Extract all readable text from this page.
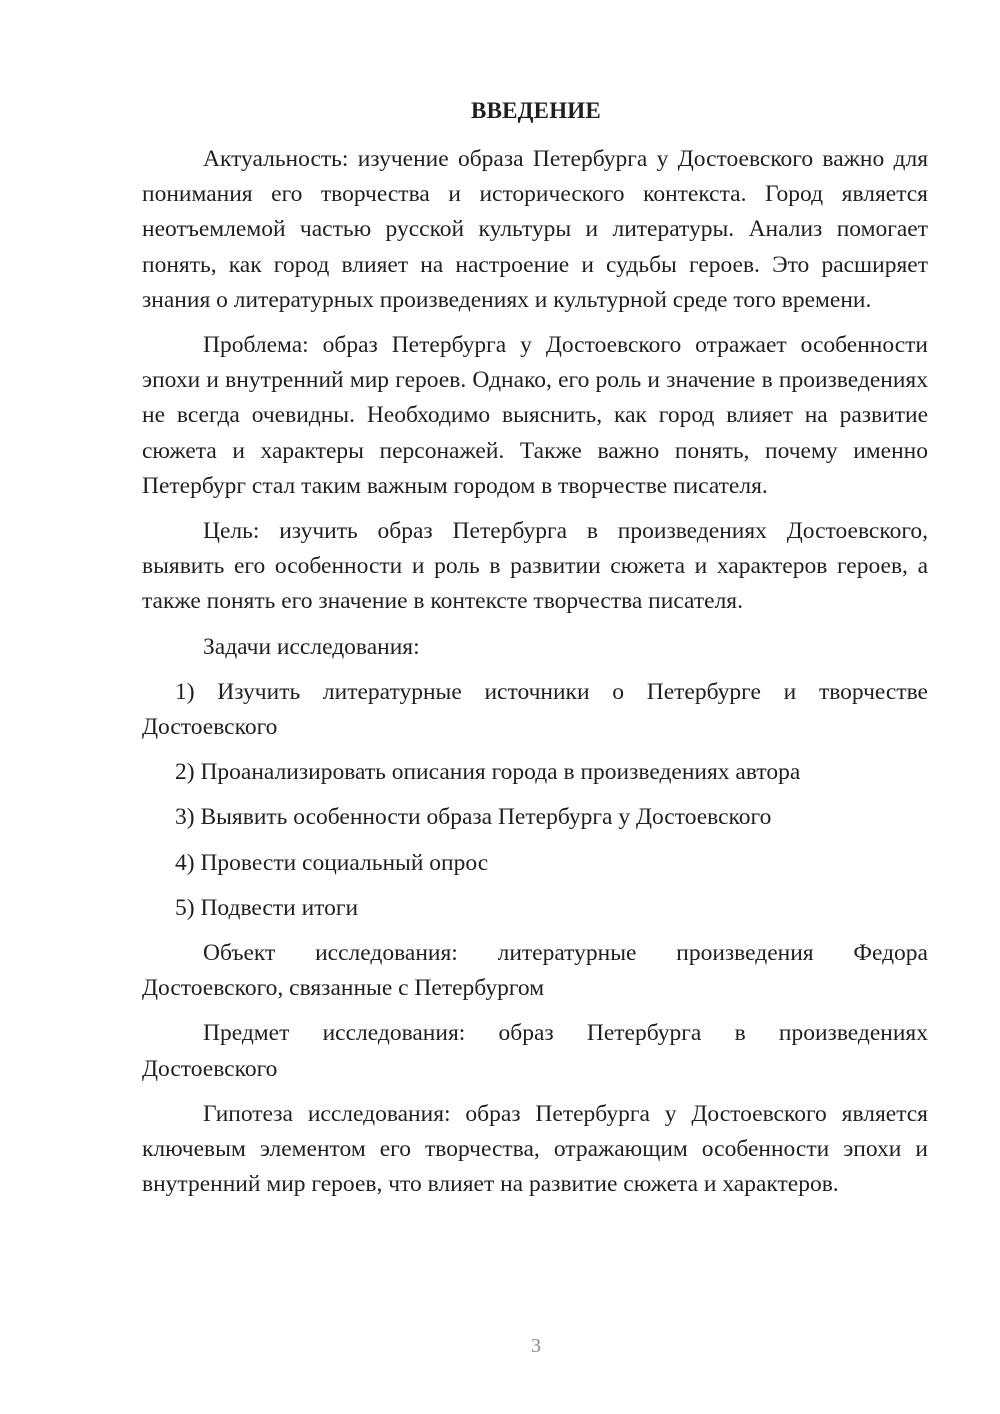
ВВЕДЕНИЕ

Актуальность: изучение образа Петербурга у Достоевского важно для понимания его творчества и исторического контекста. Город является неотъемлемой частью русской культуры и литературы. Анализ помогает понять, как город влияет на настроение и судьбы героев. Это расширяет знания о литературных произведениях и культурной среде того времени.

Проблема: образ Петербурга у Достоевского отражает особенности эпохи и внутренний мир героев. Однако, его роль и значение в произведениях не всегда очевидны. Необходимо выяснить, как город влияет на развитие сюжета и характеры персонажей. Также важно понять, почему именно Петербург стал таким важным городом в творчестве писателя.

Цель: изучить образ Петербурга в произведениях Достоевского, выявить его особенности и роль в развитии сюжета и характеров героев, а также понять его значение в контексте творчества писателя.

Задачи исследования:

1) Изучить литературные источники о Петербурге и творчестве Достоевского

2) Проанализировать описания города в произведениях автора

3) Выявить особенности образа Петербурга у Достоевского

4) Провести социальный опрос

5) Подвести итоги

Объект исследования: литературные произведения Федора Достоевского, связанные с Петербургом

Предмет исследования: образ Петербурга в произведениях Достоевского

Гипотеза исследования: образ Петербурга у Достоевского является ключевым элементом его творчества, отражающим особенности эпохи и внутренний мир героев, что влияет на развитие сюжета и характеров.

3
